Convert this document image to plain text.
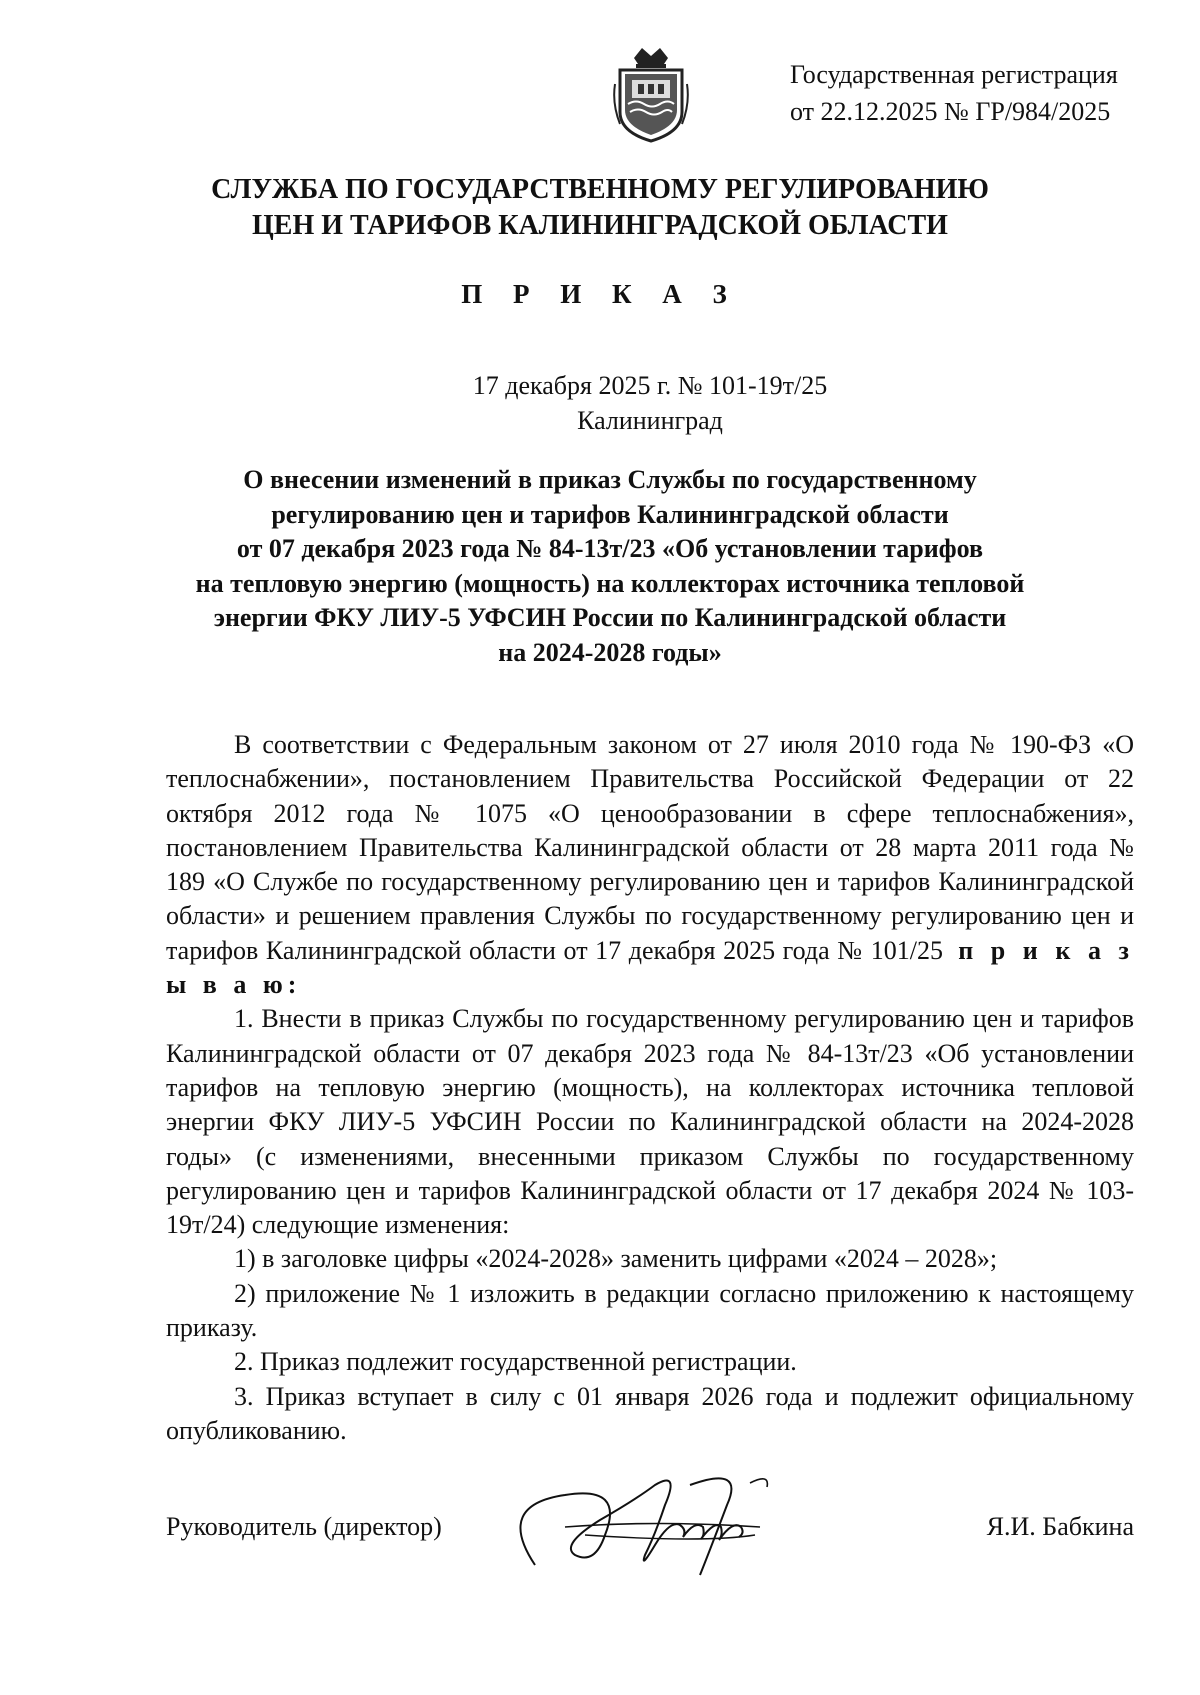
Государственная регистрация
от 22.12.2025 № ГР/984/2025
СЛУЖБА ПО ГОСУДАРСТВЕННОМУ РЕГУЛИРОВАНИЮ
ЦЕН И ТАРИФОВ КАЛИНИНГРАДСКОЙ ОБЛАСТИ
П Р И К А З
17 декабря 2025 г. № 101-19т/25
Калининград
О внесении изменений в приказ Службы по государственному
регулированию цен и тарифов Калининградской области
от 07 декабря 2023 года № 84-13т/23 «Об установлении тарифов
на тепловую энергию (мощность) на коллекторах источника тепловой
энергии ФКУ ЛИУ-5 УФСИН России по Калининградской области
на 2024-2028 годы»

В соответствии с Федеральным законом от 27 июля 2010 года № 190-ФЗ «О теплоснабжении», постановлением Правительства Российской Федерации от 22 октября 2012 года № 1075 «О ценообразовании в сфере теплоснабжения», постановлением Правительства Калининградской области от 28 марта 2011 года № 189 «О Службе по государственному регулированию цен и тарифов Калининградской области» и решением правления Службы по государственному регулированию цен и тарифов Калининградской области от 17 декабря 2025 года № 101/25 п р и к а з ы в а ю:

1. Внести в приказ Службы по государственному регулированию цен и тарифов Калининградской области от 07 декабря 2023 года № 84-13т/23 «Об установлении тарифов на тепловую энергию (мощность), на коллекторах источника тепловой энергии ФКУ ЛИУ-5 УФСИН России по Калининградской области на 2024-2028 годы» (с изменениями, внесенными приказом Службы по государственному регулированию цен и тарифов Калининградской области от 17 декабря 2024 № 103-19т/24) следующие изменения:

1) в заголовке цифры «2024-2028» заменить цифрами «2024 – 2028»;

2) приложение № 1 изложить в редакции согласно приложению к настоящему приказу.

2. Приказ подлежит государственной регистрации.

3. Приказ вступает в силу с 01 января 2026 года и подлежит официальному опубликованию.

Руководитель (директор)	Я.И. Бабкина
